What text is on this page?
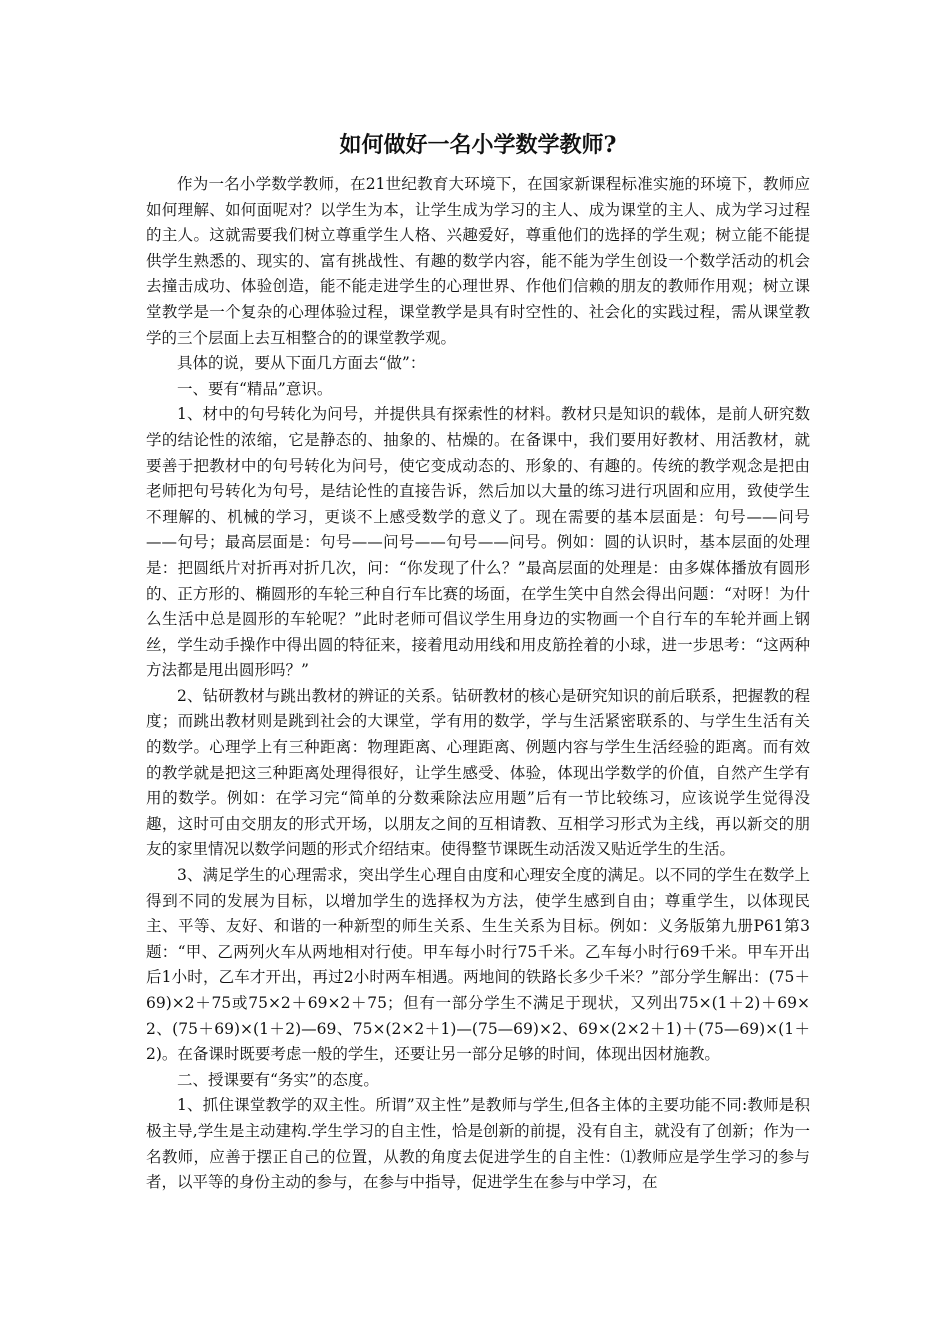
如何做好一名小学数学教师?

作为一名小学数学教师，在21世纪教育大环境下，在国家新课程标准实施的环境下，教师应如何理解、如何面呢对？以学生为本，让学生成为学习的主人、成为课堂的主人、成为学习过程的主人。这就需要我们树立尊重学生人格、兴趣爱好，尊重他们的选择的学生观；树立能不能提供学生熟悉的、现实的、富有挑战性、有趣的数学内容，能不能为学生创设一个数学活动的机会去撞击成功、体验创造，能不能走进学生的心理世界、作他们信赖的朋友的教师作用观；树立课堂教学是一个复杂的心理体验过程，课堂教学是具有时空性的、社会化的实践过程，需从课堂教学的三个层面上去互相整合的的课堂教学观。

具体的说，要从下面几方面去“做”：

一、要有“精品”意识。

1、材中的句号转化为问号，并提供具有探索性的材料。教材只是知识的载体，是前人研究数学的结论性的浓缩，它是静态的、抽象的、枯燥的。在备课中，我们要用好教材、用活教材，就要善于把教材中的句号转化为问号，使它变成动态的、形象的、有趣的。传统的教学观念是把由老师把句号转化为句号，是结论性的直接告诉，然后加以大量的练习进行巩固和应用，致使学生不理解的、机械的学习，更谈不上感受数学的意义了。现在需要的基本层面是：句号——问号——句号；最高层面是：句号——问号——句号——问号。例如：圆的认识时，基本层面的处理是：把圆纸片对折再对折几次，问：“你发现了什么？”最高层面的处理是：由多媒体播放有圆形的、正方形的、椭圆形的车轮三种自行车比赛的场面，在学生笑中自然会得出问题：“对呀！为什么生活中总是圆形的车轮呢？”此时老师可倡议学生用身边的实物画一个自行车的车轮并画上钢丝，学生动手操作中得出圆的特征来，接着甩动用线和用皮筋拴着的小球，进一步思考：“这两种方法都是甩出圆形吗？”

2、钻研教材与跳出教材的辨证的关系。钻研教材的核心是研究知识的前后联系，把握教的程度；而跳出教材则是跳到社会的大课堂，学有用的数学，学与生活紧密联系的、与学生生活有关的数学。心理学上有三种距离：物理距离、心理距离、例题内容与学生生活经验的距离。而有效的教学就是把这三种距离处理得很好，让学生感受、体验，体现出学数学的价值，自然产生学有用的数学。例如：在学习完“简单的分数乘除法应用题”后有一节比较练习，应该说学生觉得没趣，这时可由交朋友的形式开场，以朋友之间的互相请教、互相学习形式为主线，再以新交的朋友的家里情况以数学问题的形式介绍结束。使得整节课既生动活泼又贴近学生的生活。

3、满足学生的心理需求，突出学生心理自由度和心理安全度的满足。以不同的学生在数学上得到不同的发展为目标，以增加学生的选择权为方法，使学生感到自由；尊重学生，以体现民主、平等、友好、和谐的一种新型的师生关系、生生关系为目标。例如：义务版第九册P61第3题：“甲、乙两列火车从两地相对行使。甲车每小时行75千米。乙车每小时行69千米。甲车开出后1小时，乙车才开出，再过2小时两车相遇。两地间的铁路长多少千米？”部分学生解出：(75＋69)×2＋75或75×2＋69×2＋75；但有一部分学生不满足于现状，又列出75×(1＋2)＋69×2、(75＋69)×(1＋2)—69、75×(2×2＋1)—(75—69)×2、69×(2×2＋1)＋(75—69)×(1＋2)。在备课时既要考虑一般的学生，还要让另一部分足够的时间，体现出因材施教。

二、授课要有“务实”的态度。

1、抓住课堂教学的双主性。所谓”双主性”是教师与学生,但各主体的主要功能不同:教师是积极主导,学生是主动建构.学生学习的自主性，恰是创新的前提，没有自主，就没有了创新；作为一名教师，应善于摆正自己的位置，从教的角度去促进学生的自主性：⑴教师应是学生学习的参与者，以平等的身份主动的参与，在参与中指导，促进学生在参与中学习，在
